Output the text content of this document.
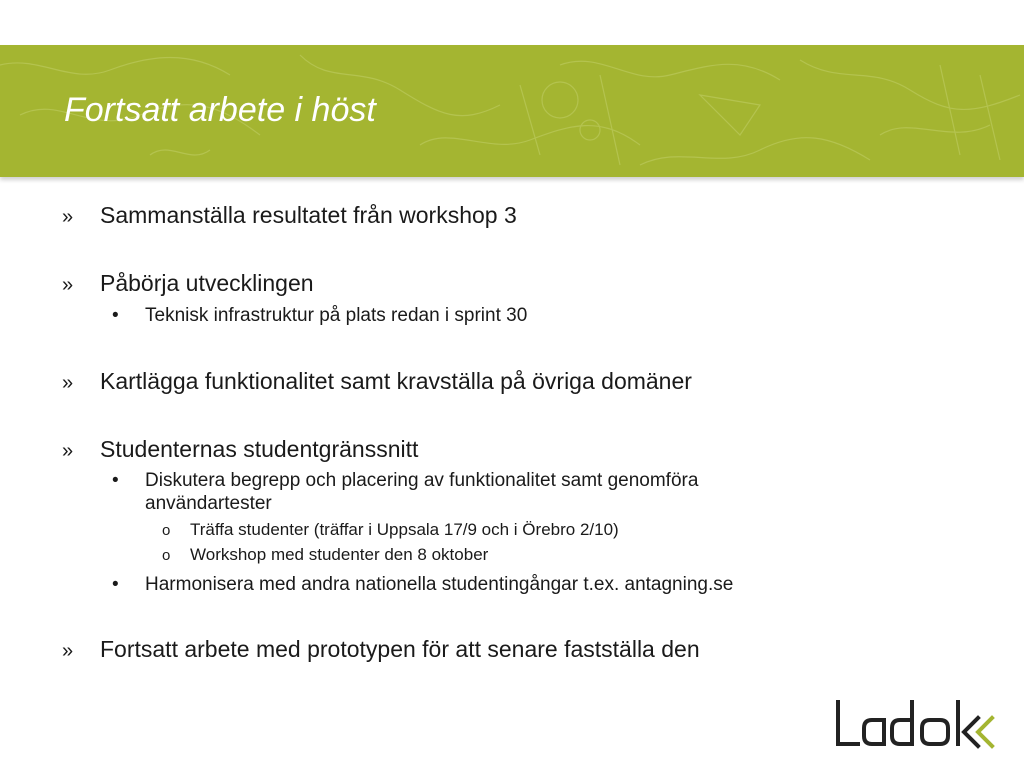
Fortsatt arbete i höst
» Sammanställa resultatet från workshop 3
» Påbörja utvecklingen
• Teknisk infrastruktur på plats redan i sprint 30
» Kartlägga funktionalitet samt kravställa på övriga domäner
» Studenternas studentgränssnitt
• Diskutera begrepp och placering av funktionalitet samt genomföra
användartester
o Träffa studenter (träffar i Uppsala 17/9 och i Örebro 2/10)
o Workshop med studenter den 8 oktober
• Harmonisera med andra nationella studentingångar t.ex. antagning.se
» Fortsatt arbete med prototypen för att senare fastställa den
